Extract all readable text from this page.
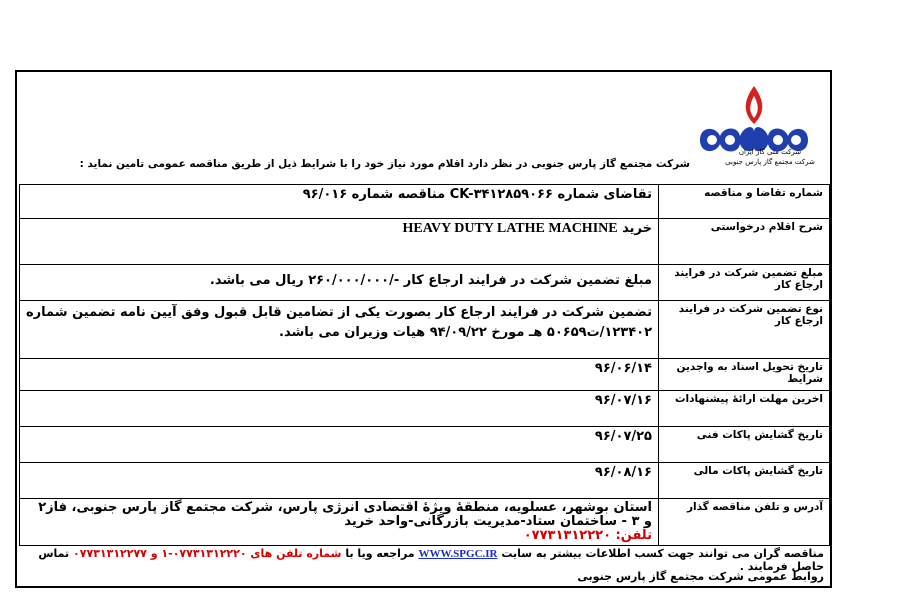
شرکت ملی گاز ایران
شرکت مجتمع گاز پارس جنوبی
شرکت مجتمع گاز پارس جنوبی در نظر دارد اقلام مورد نیاز خود را با شرایط ذیل از طریق مناقصه عمومی تامین نماید :
شماره تقاضا و مناقصه	تقاضای شماره CK-۳۴۱۲۸۵۹۰۶۶ مناقصه شماره ۹۶/۰۱۶
شرح اقلام درخواستی	خرید HEAVY DUTY LATHE MACHINE
مبلغ تضمین شرکت در فرایند ارجاع کار	مبلغ تضمین شرکت در فرایند ارجاع کار -/۲۶۰/۰۰۰/۰۰۰ ریال می باشد.
نوع تضمین شرکت در فرایند ارجاع کار	تضمین شرکت در فرایند ارجاع کار بصورت یکی از تضامین قابل قبول وفق آیین نامه تضمین شماره ۱۲۳۴۰۲/ت۵۰۶۵۹ هـ مورخ ۹۴/۰۹/۲۲ هیات وزیران می باشد.
تاریخ تحویل اسناد به واجدین شرایط	۹۶/۰۶/۱۴
اخرین مهلت ارائهٔ پیشنهادات	۹۶/۰۷/۱۶
تاریخ گشایش پاکات فنی	۹۶/۰۷/۲۵
تاریخ گشایش پاکات مالی	۹۶/۰۸/۱۶
آدرس و تلفن مناقصه گذار	استان بوشهر، عسلویه، منطقهٔ ویژهٔ اقتصادی انرژی پارس، شرکت مجتمع گاز پارس جنوبی، فاز۲ و ۳ - ساختمان ستاد-مدیریت بازرگانی-واحد خرید
تلفن: ۰۷۷۳۱۳۱۲۲۲۰
مناقصه گران می توانند جهت کسب اطلاعات بیشتر به سایت WWW.SPGC.IR مراجعه ویا با شماره تلفن های ۰۷۷۳۱۳۱۲۲۲۰-۱ و ۰۷۷۳۱۳۱۲۲۷۷ تماس حاصل فرمایند .
روابط عمومی شرکت مجتمع گاز پارس جنوبی
